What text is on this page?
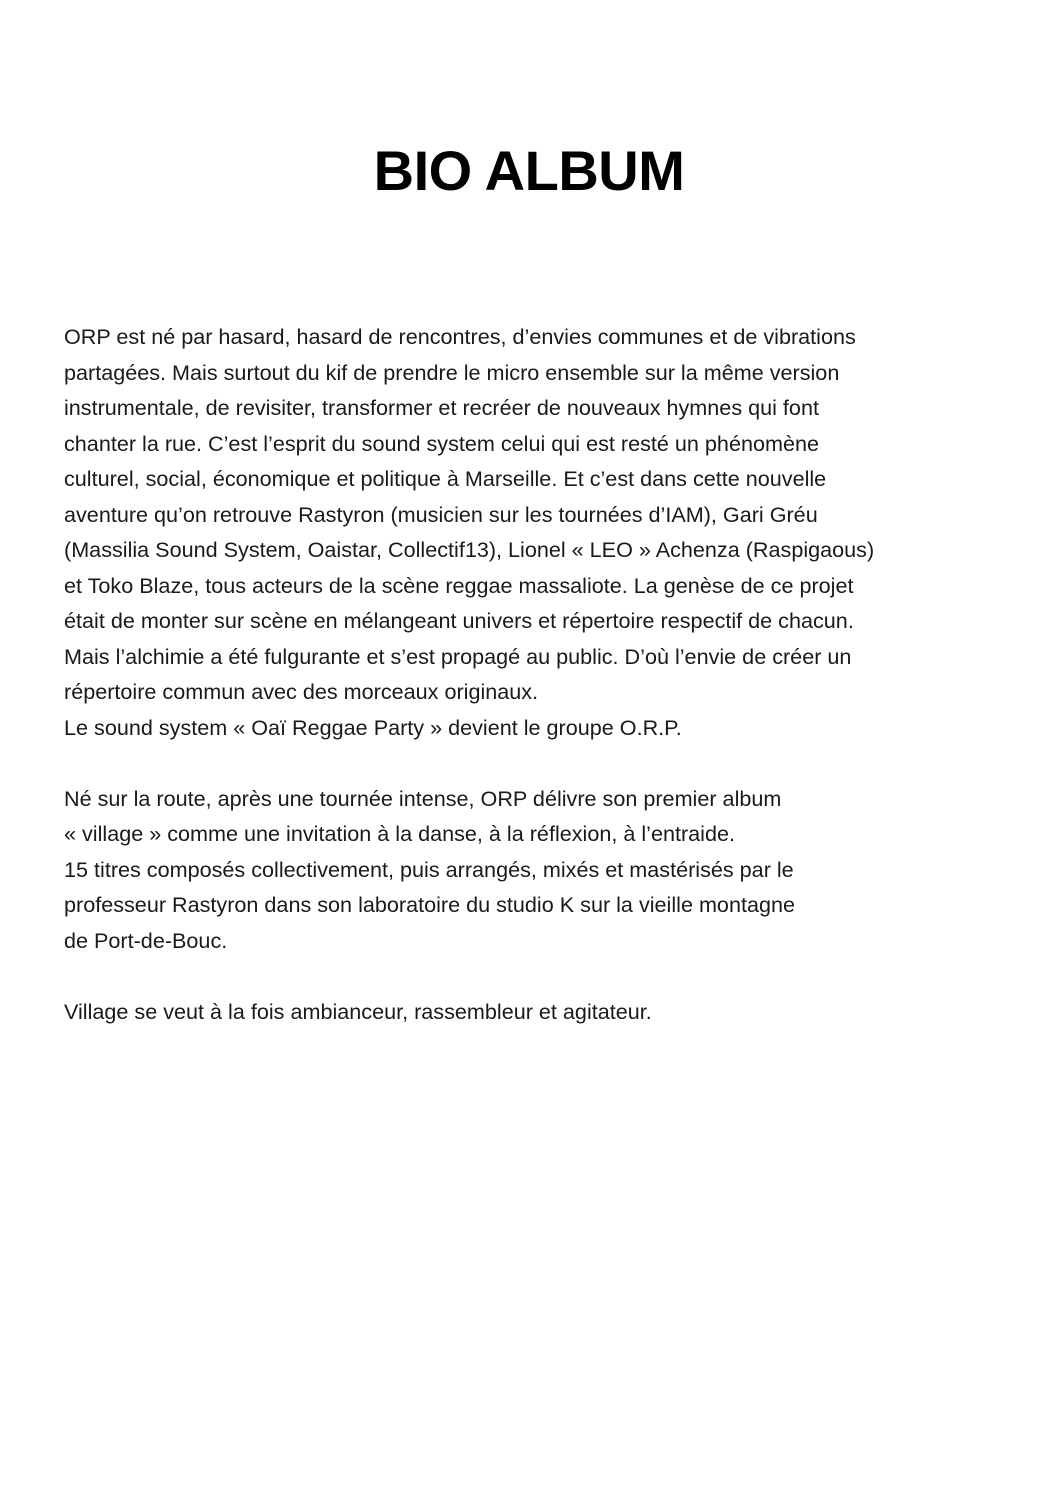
BIO ALBUM
ORP est né par hasard, hasard de rencontres, d’envies communes et de vibrations
partagées. Mais surtout du kif de prendre le micro ensemble sur la même version
instrumentale, de revisiter, transformer et recréer de nouveaux hymnes qui font
chanter la rue. C’est l’esprit du sound system celui qui est resté un phénomène
culturel, social, économique et politique à Marseille. Et c’est dans cette nouvelle
aventure qu’on retrouve Rastyron (musicien sur les tournées d’IAM), Gari Gréu
(Massilia Sound System, Oaistar, Collectif13), Lionel « LEO » Achenza (Raspigaous)
et Toko Blaze, tous acteurs de la scène reggae massaliote. La genèse de ce projet
était de monter sur scène en mélangeant univers et répertoire respectif de chacun.
Mais l’alchimie a été fulgurante et s’est propagé au public. D’où l’envie de créer un
répertoire commun avec des morceaux originaux.
Le sound system « Oaï Reggae Party » devient le groupe O.R.P.
Né sur la route, après une tournée intense, ORP délivre son premier album
« village » comme une invitation à la danse, à la réflexion, à l’entraide.
15 titres composés collectivement, puis arrangés, mixés et mastérisés par le
professeur Rastyron dans son laboratoire du studio K sur la vieille montagne
de Port-de-Bouc.
Village se veut à la fois ambianceur, rassembleur et agitateur.
